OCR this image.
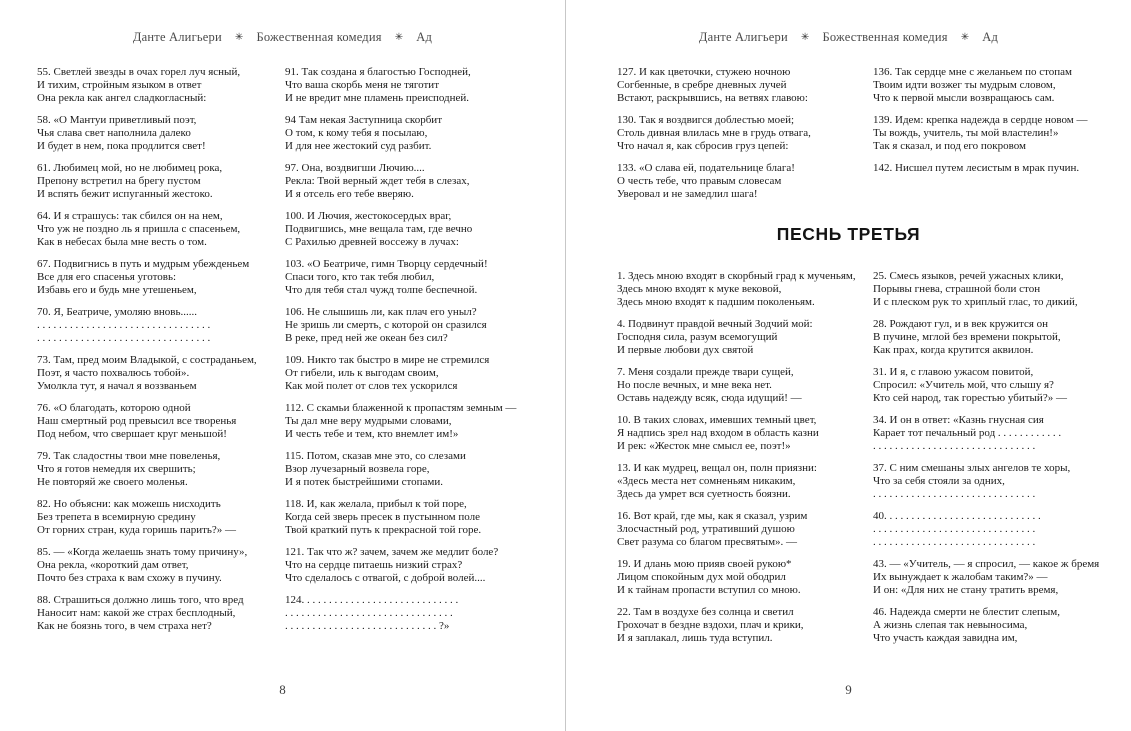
Данте Алигьери ✳ Божественная комедия ✳ Ад

55. Светлей звезды в очах горел луч ясный,

И тихим, стройным языком в ответ

Она рекла как ангел сладкогласный:

58. «О Мантуи приветливый поэт,

Чья слава свет наполнила далеко

И будет в нем, пока продлится свет!

61. Любимец мой, но не любимец рока,

Препону встретил на брегу пустом

И вспять бежит испуганный жестоко.

64. И я страшусь: так сбился он на нем,

Что уж не поздно ль я пришла с спасеньем,

Как в небесах была мне весть о том.

67. Подвигнись в путь и мудрым убежденьем

Все для его спасенья уготовь:

Избавь его и будь мне утешеньем,

70. Я, Беатриче, умоляю вновь......

. . . . . . . . . . . . . . . . . . . . . . . . . . . . . . . .

. . . . . . . . . . . . . . . . . . . . . . . . . . . . . . . .

73. Там, пред моим Владыкой, с состраданьем,

Поэт, я часто похвалюсь тобой».

Умолкла тут, я начал я воззваньем

76. «О благодать, которою одной

Наш смертный род превысил все творенья

Под небом, что свершает круг меньшой!

79. Так сладостны твои мне повеленья,

Что я готов немедля их свершить;

Не повторяй же своего моленья.

82. Но объясни: как можешь нисходить

Без трепета в всемирную средину

От горних стран, куда горишь парить?» —

85. — «Когда желаешь знать тому причину»,

Она рекла, «короткий дам ответ,

Почто без страха к вам схожу в пучину.

88. Страшиться должно лишь того, что вред

Наносит нам: какой же страх бесплодный,

Как не боязнь того, в чем страха нет?

91. Так создана я благостью Господней,

Что ваша скорбь меня не тяготит

И не вредит мне пламень преисподней.

94 Там некая Заступница скорбит

О том, к кому тебя я посылаю,

И для нее жестокий суд разбит.

97. Она, воздвигши Лючию....

Рекла: Твой верный ждет тебя в слезах,

И я отсель его тебе вверяю.

100. И Лючия, жестокосердых враг,

Подвигшись, мне вещала там, где вечно

С Рахилью древней воссежу в лучах:

103. «О Беатриче, гимн Творцу сердечный!

Спаси того, кто так тебя любил,

Что для тебя стал чужд толпе беспечной.

106. Не слышишь ли, как плач его уныл?

Не зришь ли смерть, с которой он сразился

В реке, пред ней же океан без сил?

109. Никто так быстро в мире не стремился

От гибели, иль к выгодам своим,

Как мой полет от слов тех ускорился

112. С скамьи блаженной к пропастям земным —

Ты дал мне веру мудрыми словами,

И честь тебе и тем, кто внемлет им!»

115. Потом, сказав мне это, со слезами

Взор лучезарный возвела горе,

И я потек быстрейшими стопами.

118. И, как желала, прибыл к той поре,

Когда сей зверь пресек в пустынном поле

Твой краткий путь к прекрасной той горе.

121. Так что ж? зачем, зачем же медлит боле?

Что на сердце питаешь низкий страх?

Что сделалось с отвагой, с доброй волей....

124. . . . . . . . . . . . . . . . . . . . . . . . . . . . .

. . . . . . . . . . . . . . . . . . . . . . . . . . . . . . .

. . . . . . . . . . . . . . . . . . . . . . . . . . . . ?»

8
Данте Алигьери ✳ Божественная комедия ✳ Ад

127. И как цветочки, стужею ночною

Согбенные, в сребре дневных лучей

Встают, раскрывшись, на ветвях главою:

130. Так я воздвигся доблестью моей;

Столь дивная влилась мне в грудь отвага,

Что начал я, как сбросив груз цепей:

133. «О слава ей, подательнице блага!

О честь тебе, что правым словесам

Уверовал и не замедлил шага!

136. Так сердце мне с желаньем по стопам

Твоим идти возжег ты мудрым словом,

Что к первой мысли возвращаюсь сам.

139. Идем: крепка надежда в сердце новом —

Ты вождь, учитель, ты мой властелин!»

Так я сказал, и под его покровом

142. Нисшел путем лесистым в мрак пучин.

ПЕСНЬ ТРЕТЬЯ

1. Здесь мною входят в скорбный град к мученьям,

Здесь мною входят к муке вековой,

Здесь мною входят к падшим поколеньям.

4. Подвинут правдой вечный Зодчий мой:

Господня сила, разум всемогущий

И первые любови дух святой

7. Меня создали прежде твари сущей,

Но после вечных, и мне века нет.

Оставь надежду всяк, сюда идущий! —

10. В таких словах, имевших темный цвет,

Я надпись зрел над входом в область казни

И рек: «Жесток мне смысл ее, поэт!»

13. И как мудрец, вещал он, полн приязни:

«Здесь места нет сомненьям никаким,

Здесь да умрет вся суетность боязни.

16. Вот край, где мы, как я сказал, узрим

Злосчастный род, утративший душою

Свет разума со благом пресвятым». —

19. И длань мою прияв своей рукою*

Лицом спокойным дух мой ободрил

И к тайнам пропасти вступил со мною.

22. Там в воздухе без солнца и светил

Грохочат в бездне вздохи, плач и крики,

И я заплакал, лишь туда вступил.

25. Смесь языков, речей ужасных клики,

Порывы гнева, страшной боли стон

И с плеском рук то хриплый глас, то дикий,

28. Рождают гул, и в век кружится он

В пучине, мглой без времени покрытой,

Как прах, когда крутится аквилон.

31. И я, с главою ужасом повитой,

Спросил: «Учитель мой, что слышу я?

Кто сей народ, так горестью убитый?» —

34. И он в ответ: «Казнь гнусная сия

Карает тот печальный род . . . . . . . . . . . .

. . . . . . . . . . . . . . . . . . . . . . . . . . . . . .

37. С ним смешаны злых ангелов те хоры,

Что за себя стояли за одних,

. . . . . . . . . . . . . . . . . . . . . . . . . . . . . .

40. . . . . . . . . . . . . . . . . . . . . . . . . . . . .

. . . . . . . . . . . . . . . . . . . . . . . . . . . . . .

. . . . . . . . . . . . . . . . . . . . . . . . . . . . . .

43. — «Учитель, — я спросил, — какое ж бремя

Их вынуждает к жалобам таким?» —

И он: «Для них не стану тратить время,

46. Надежда смерти не блестит слепым,

А жизнь слепая так невыносима,

Что участь каждая завидна им,

9
